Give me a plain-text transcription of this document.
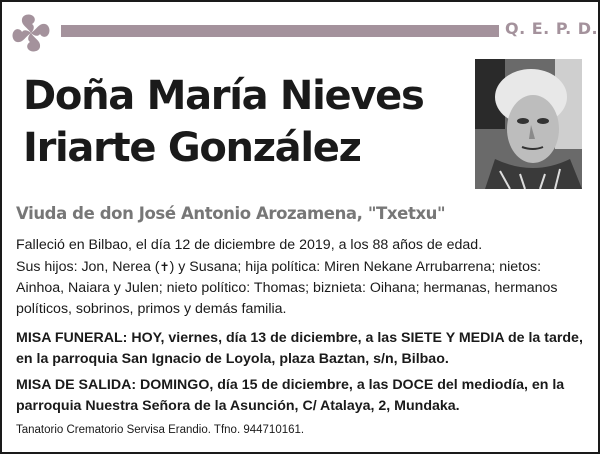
Q. E. P. D.
Doña María Nieves
Iriarte González
Viuda de don José Antonio Arozamena, "Txetxu"
Falleció en Bilbao, el día 12 de diciembre de 2019, a los 88 años de edad.
Sus hijos: Jon, Nerea (✝) y Susana; hija política: Miren Nekane Arrubarrena; nietos: Ainhoa, Naiara y Julen; nieto político: Thomas; biznieta: Oihana; hermanas, hermanos políticos, sobrinos, primos y demás familia.
MISA FUNERAL: HOY, viernes, día 13 de diciembre, a las SIETE Y MEDIA de la tarde, en la parroquia San Ignacio de Loyola, plaza Baztan, s/n, Bilbao.
MISA DE SALIDA: DOMINGO, día 15 de diciembre, a las DOCE del mediodía, en la parroquia Nuestra Señora de la Asunción, C/ Atalaya, 2, Mundaka.
Tanatorio Crematorio Servisa Erandio. Tfno. 944710161.
